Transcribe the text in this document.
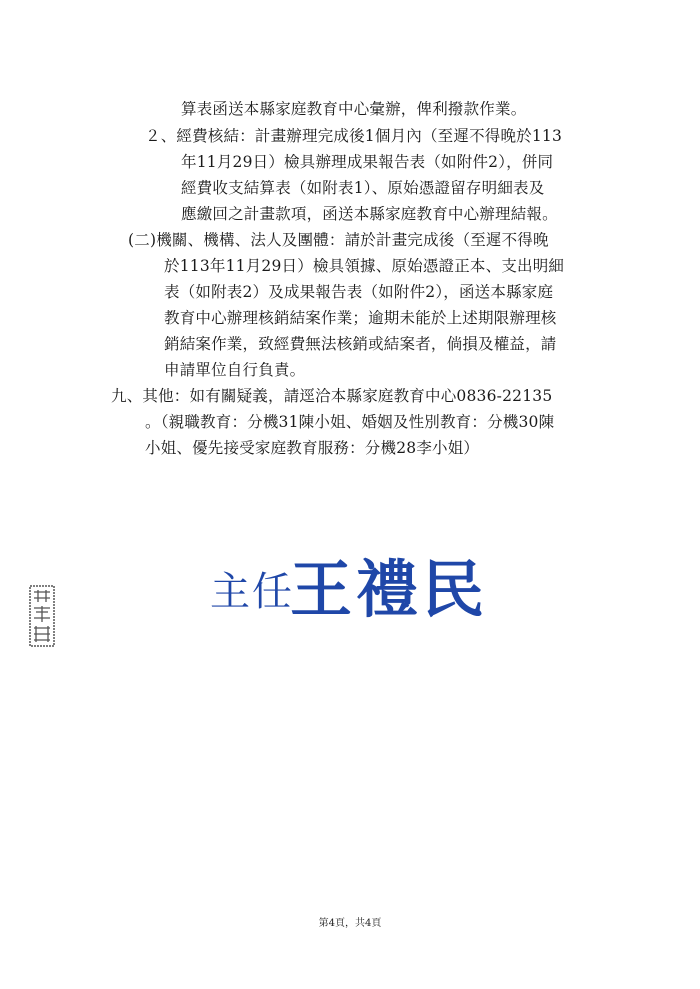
算表函送本縣家庭教育中心彙辦，俾利撥款作業。
２、經費核結：計畫辦理完成後1個月內（至遲不得晚於113
年11月29日）檢具辦理成果報告表（如附件2），併同
經費收支結算表（如附表1）、原始憑證留存明細表及
應繳回之計畫款項，函送本縣家庭教育中心辦理結報。
(二)機關、機構、法人及團體：請於計畫完成後（至遲不得晚
於113年11月29日）檢具領據、原始憑證正本、支出明細
表（如附表2）及成果報告表（如附件2），函送本縣家庭
教育中心辦理核銷結案作業；逾期未能於上述期限辦理核
銷結案作業，致經費無法核銷或結案者，倘損及權益，請
申請單位自行負責。
九、其他：如有關疑義，請逕洽本縣家庭教育中心0836-22135
。（親職教育：分機31陳小姐、婚姻及性別教育：分機30陳
小姐、優先接受家庭教育服務：分機28李小姐）
主任
王禮民
第4頁，共4頁
